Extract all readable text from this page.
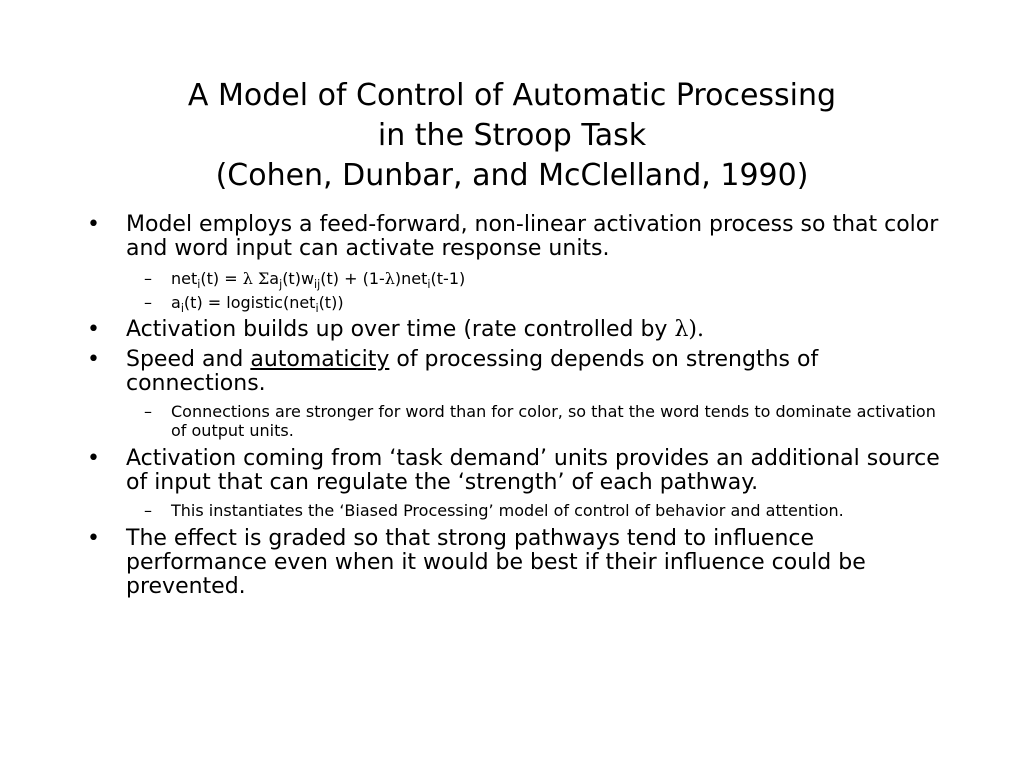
A Model of Control of Automatic Processing
in the Stroop Task
(Cohen, Dunbar, and McClelland, 1990)
• Model employs a feed-forward, non-linear activation process so that color and word input can activate response units.
– net$_i$(t) = λ $\Sigma a_j(t)w_{ij}(t) + (1-\lambda)net_i(t-1)$
– $a_i(t)$ = logistic(net$_i$(t))
• Activation builds up over time (rate controlled by λ).
• Speed and automaticity of processing depends on strengths of connections.
– Connections are stronger for word than for color, so that the word tends to dominate activation of output units.
• Activation coming from ‘task demand’ units provides an additional source of input that can regulate the ‘strength’ of each pathway.
– This instantiates the ‘Biased Processing’ model of control of behavior and attention.
• The effect is graded so that strong pathways tend to influence performance even when it would be best if their influence could be prevented.
